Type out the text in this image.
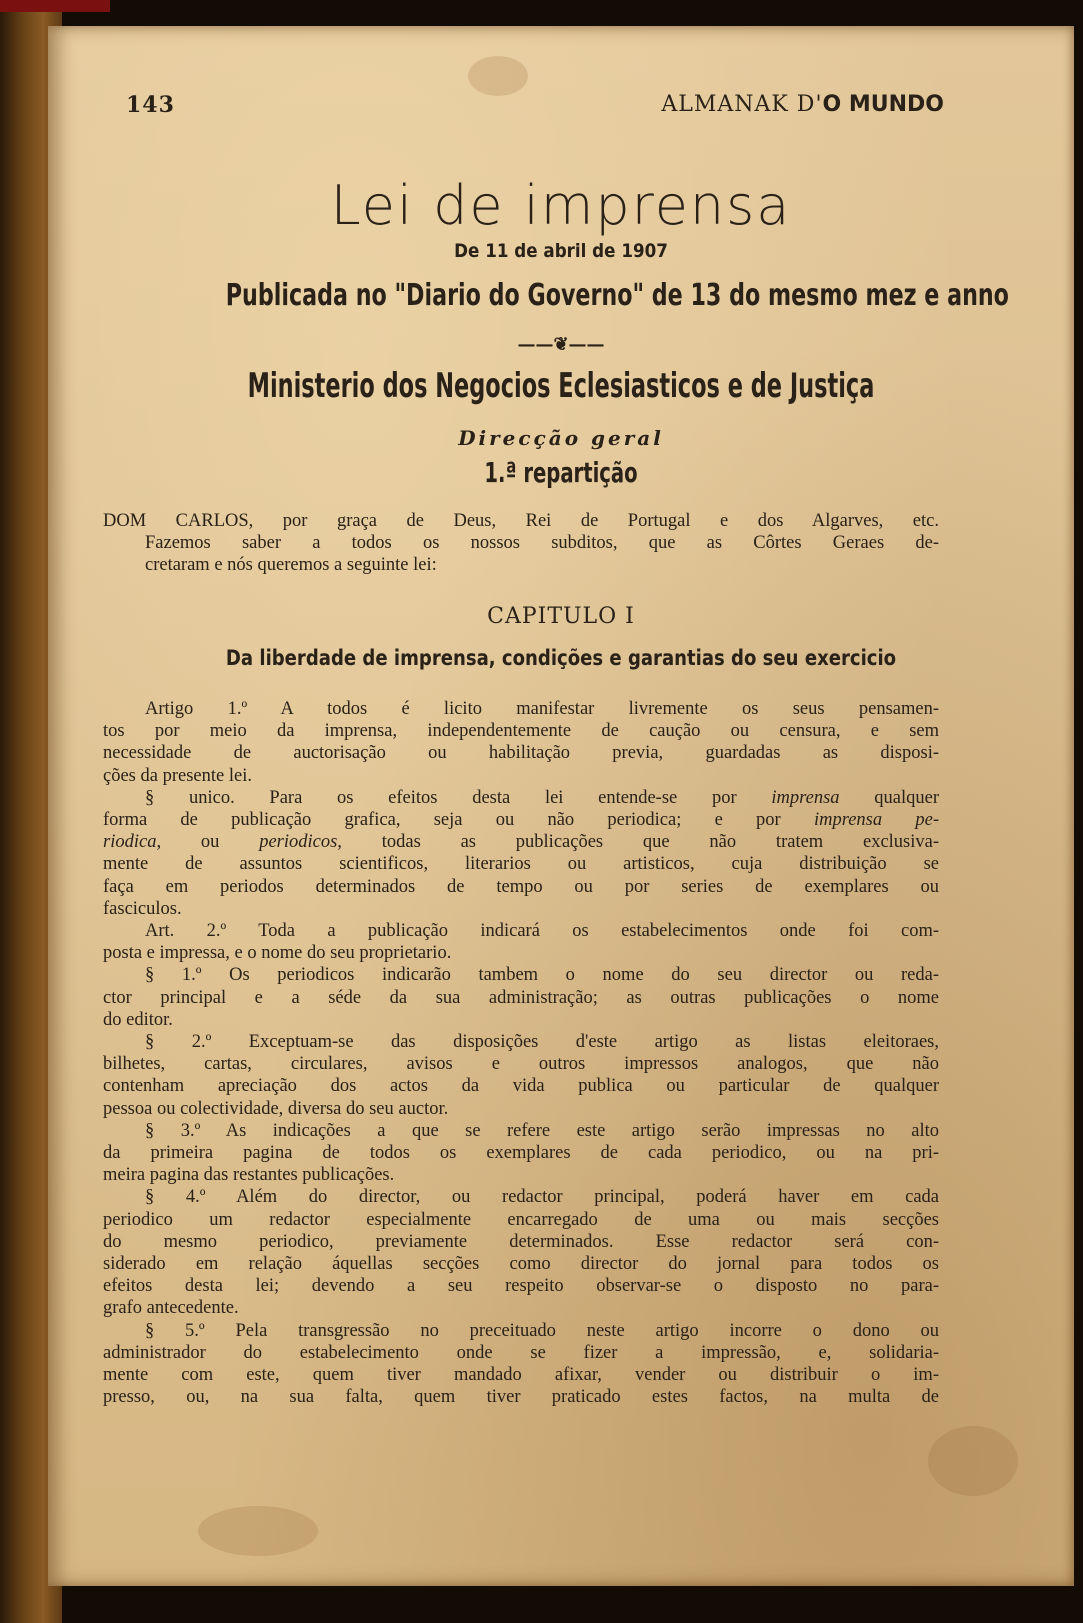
143	ALMANAK D'O MUNDO
Lei de imprensa
De 11 de abril de 1907
Publicada no "Diario do Governo" de 13 do mesmo mez e anno
——❦——
Ministerio dos Negocios Eclesiasticos e de Justiça
Direcção geral
1.ª repartição
DOM CARLOS, por graça de Deus, Rei de Portugal e dos Algarves, etc.
Fazemos saber a todos os nossos subditos, que as Côrtes Geraes de-
cretaram e nós queremos a seguinte lei:
CAPITULO I
Da liberdade de imprensa, condições e garantias do seu exercicio
Artigo 1.º A todos é licito manifestar livremente os seus pensamen-
tos por meio da imprensa, independentemente de caução ou censura, e sem
necessidade de auctorisação ou habilitação previa, guardadas as disposi-
ções da presente lei.
§ unico. Para os efeitos desta lei entende-se por imprensa qualquer
forma de publicação grafica, seja ou não periodica; e por imprensa pe-
riodica, ou periodicos, todas as publicações que não tratem exclusiva-
mente de assuntos scientificos, literarios ou artisticos, cuja distribuição se
faça em periodos determinados de tempo ou por series de exemplares ou
fasciculos.
Art. 2.º Toda a publicação indicará os estabelecimentos onde foi com-
posta e impressa, e o nome do seu proprietario.
§ 1.º Os periodicos indicarão tambem o nome do seu director ou reda-
ctor principal e a séde da sua administração; as outras publicações o nome
do editor.
§ 2.º Exceptuam-se das disposições d'este artigo as listas eleitoraes,
bilhetes, cartas, circulares, avisos e outros impressos analogos, que não
contenham apreciação dos actos da vida publica ou particular de qualquer
pessoa ou colectividade, diversa do seu auctor.
§ 3.º As indicações a que se refere este artigo serão impressas no alto
da primeira pagina de todos os exemplares de cada periodico, ou na pri-
meira pagina das restantes publicações.
§ 4.º Além do director, ou redactor principal, poderá haver em cada
periodico um redactor especialmente encarregado de uma ou mais secções
do mesmo periodico, previamente determinados. Esse redactor será con-
siderado em relação áquellas secções como director do jornal para todos os
efeitos desta lei; devendo a seu respeito observar-se o disposto no para-
grafo antecedente.
§ 5.º Pela transgressão no preceituado neste artigo incorre o dono ou
administrador do estabelecimento onde se fizer a impressão, e, solidaria-
mente com este, quem tiver mandado afixar, vender ou distribuir o im-
presso, ou, na sua falta, quem tiver praticado estes factos, na multa de
